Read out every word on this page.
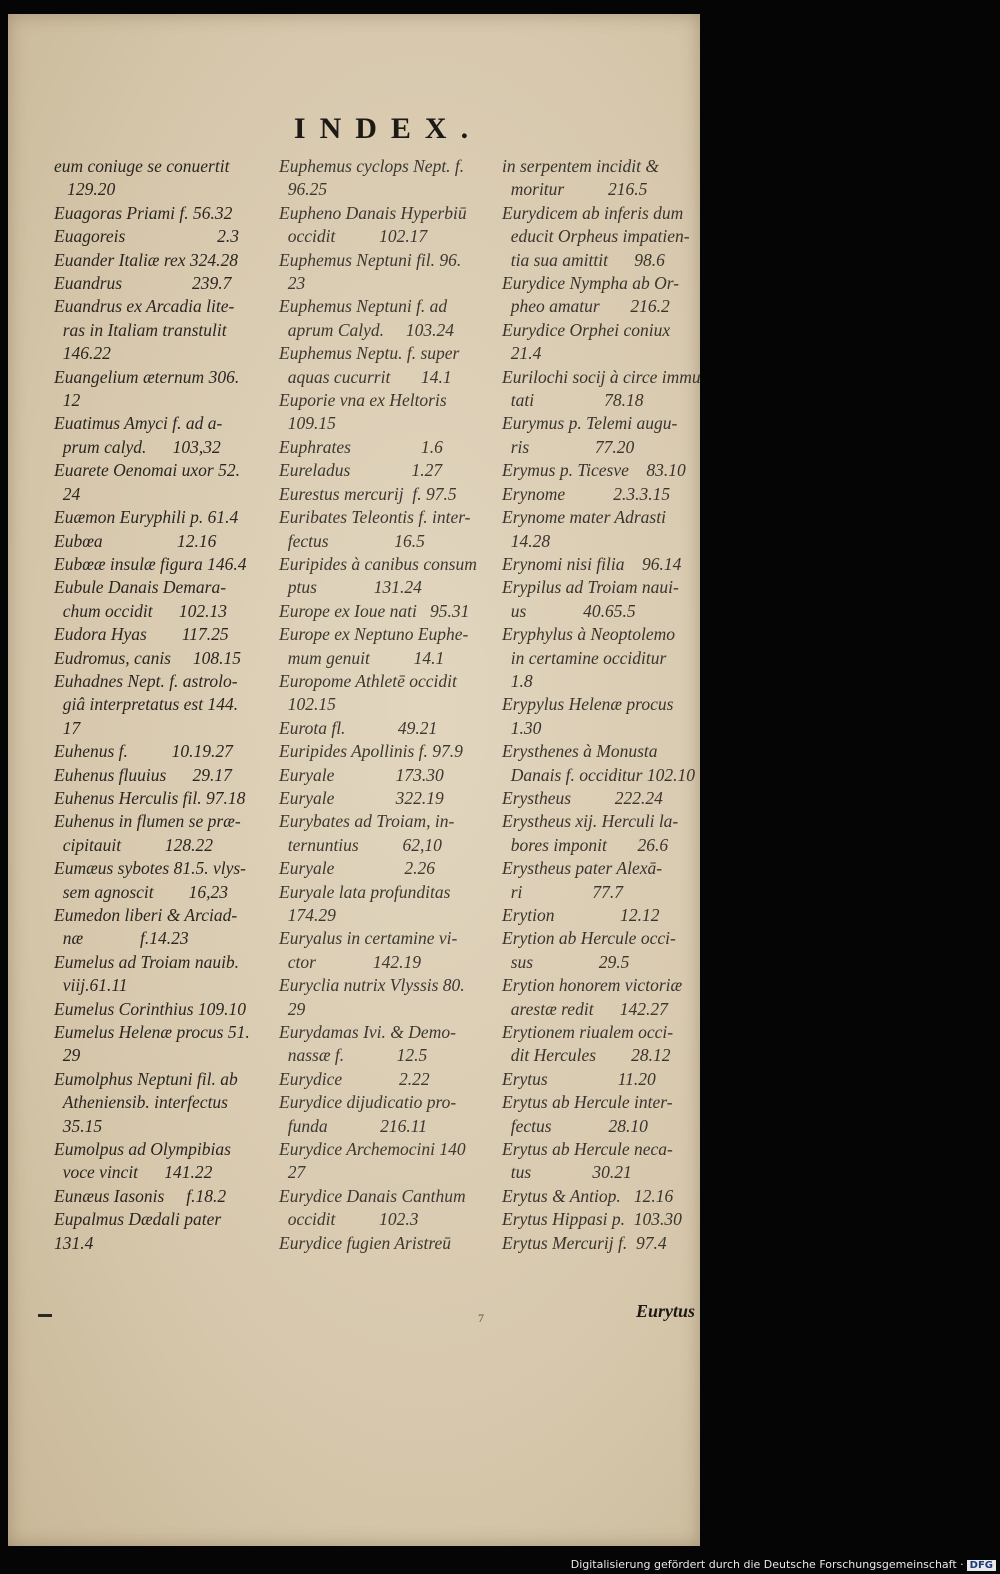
INDEX.
eum coniuge se conuertit
129.20
Euagoras Priami f. 56.32
Euagoreis                     2.3
Euander Italiæ rex 324.28
Euandrus                239.7
Euandrus ex Arcadia lite-
ras in Italiam transtulit
146.22
Euangelium æternum 306.
12
Euatimus Amyci f. ad a-
prum calyd.      103,32
Euarete Oenomai uxor 52.
24
Euæmon Euryphili p. 61.4
Eubœa                 12.16
Eubœæ insulæ figura 146.4
Eubule Danais Demara-
chum occidit      102.13
Eudora Hyas        117.25
Eudromus, canis     108.15
Euhadnes Nept. f. astrolo-
giâ interpretatus est 144.
17
Euhenus f.          10.19.27
Euhenus fluuius      29.17
Euhenus Herculis fil. 97.18
Euhenus in flumen se præ-
cipitauit          128.22
Eumæus sybotes 81.5. vlys-
sem agnoscit        16,23
Eumedon liberi & Arciad-
næ             f.14.23
Eumelus ad Troiam nauib.
viij.61.11
Eumelus Corinthius 109.10
Eumelus Helenæ procus 51.
29
Eumolphus Neptuni fil. ab
Atheniensib. interfectus
35.15
Eumolpus ad Olympibias
voce vincit      141.22
Eunæus Iasonis     f.18.2
Eupalmus Dædali pater
131.4
Euphemus cyclops Nept. f.
96.25
Eupheno Danais Hyperbiū
occidit          102.17
Euphemus Neptuni fil. 96.
23
Euphemus Neptuni f. ad
aprum Calyd.     103.24
Euphemus Neptu. f. super
aquas cucurrit       14.1
Euporie vna ex Heltoris
109.15
Euphrates                1.6
Eureladus              1.27
Eurestus mercurij  f. 97.5
Euribates Teleontis f. inter-
fectus               16.5
Euripides à canibus consum
ptus             131.24
Europe ex Ioue nati   95.31
Europe ex Neptuno Euphe-
mum genuit          14.1
Europome Athletē occidit
102.15
Eurota fl.            49.21
Euripides Apollinis f. 97.9
Euryale              173.30
Euryale              322.19
Eurybates ad Troiam, in-
ternuntius          62,10
Euryale                2.26
Euryale lata profunditas
174.29
Euryalus in certamine vi-
ctor             142.19
Euryclia nutrix Vlyssis 80.
29
Eurydamas Ivi. & Demo-
nassæ f.            12.5
Eurydice             2.22
Eurydice dijudicatio pro-
funda            216.11
Eurydice Archemocini 140
27
Eurydice Danais Canthum
occidit          102.3
Eurydice fugien Aristreū
in serpentem incidit &
moritur          216.5
Eurydicem ab inferis dum
educit Orpheus impatien-
tia sua amittit      98.6
Eurydice Nympha ab Or-
pheo amatur       216.2
Eurydice Orphei coniux
21.4
Eurilochi socij à circe immu
tati                78.18
Eurymus p. Telemi augu-
ris               77.20
Erymus p. Ticesve    83.10
Erynome           2.3.3.15
Erynome mater Adrasti
14.28
Erynomi nisi filia    96.14
Erypilus ad Troiam naui-
us             40.65.5
Eryphylus à Neoptolemo
in certamine occiditur
1.8
Erypylus Helenæ procus
1.30
Erysthenes à Monusta
Danais f. occiditur 102.10
Erystheus          222.24
Erystheus xij. Herculi la-
bores imponit       26.6
Erystheus pater Alexā-
ri                77.7
Erytion               12.12
Erytion ab Hercule occi-
sus               29.5
Erytion honorem victoriæ
arestæ redit      142.27
Erytionem riualem occi-
dit Hercules        28.12
Erytus                11.20
Erytus ab Hercule inter-
fectus             28.10
Erytus ab Hercule neca-
tus              30.21
Erytus & Antiop.   12.16
Erytus Hippasi p.  103.30
Erytus Mercurij f.  97.4
7	Eurytus
Digitalisierung gefördert durch die Deutsche Forschungsgemeinschaft · DFG
